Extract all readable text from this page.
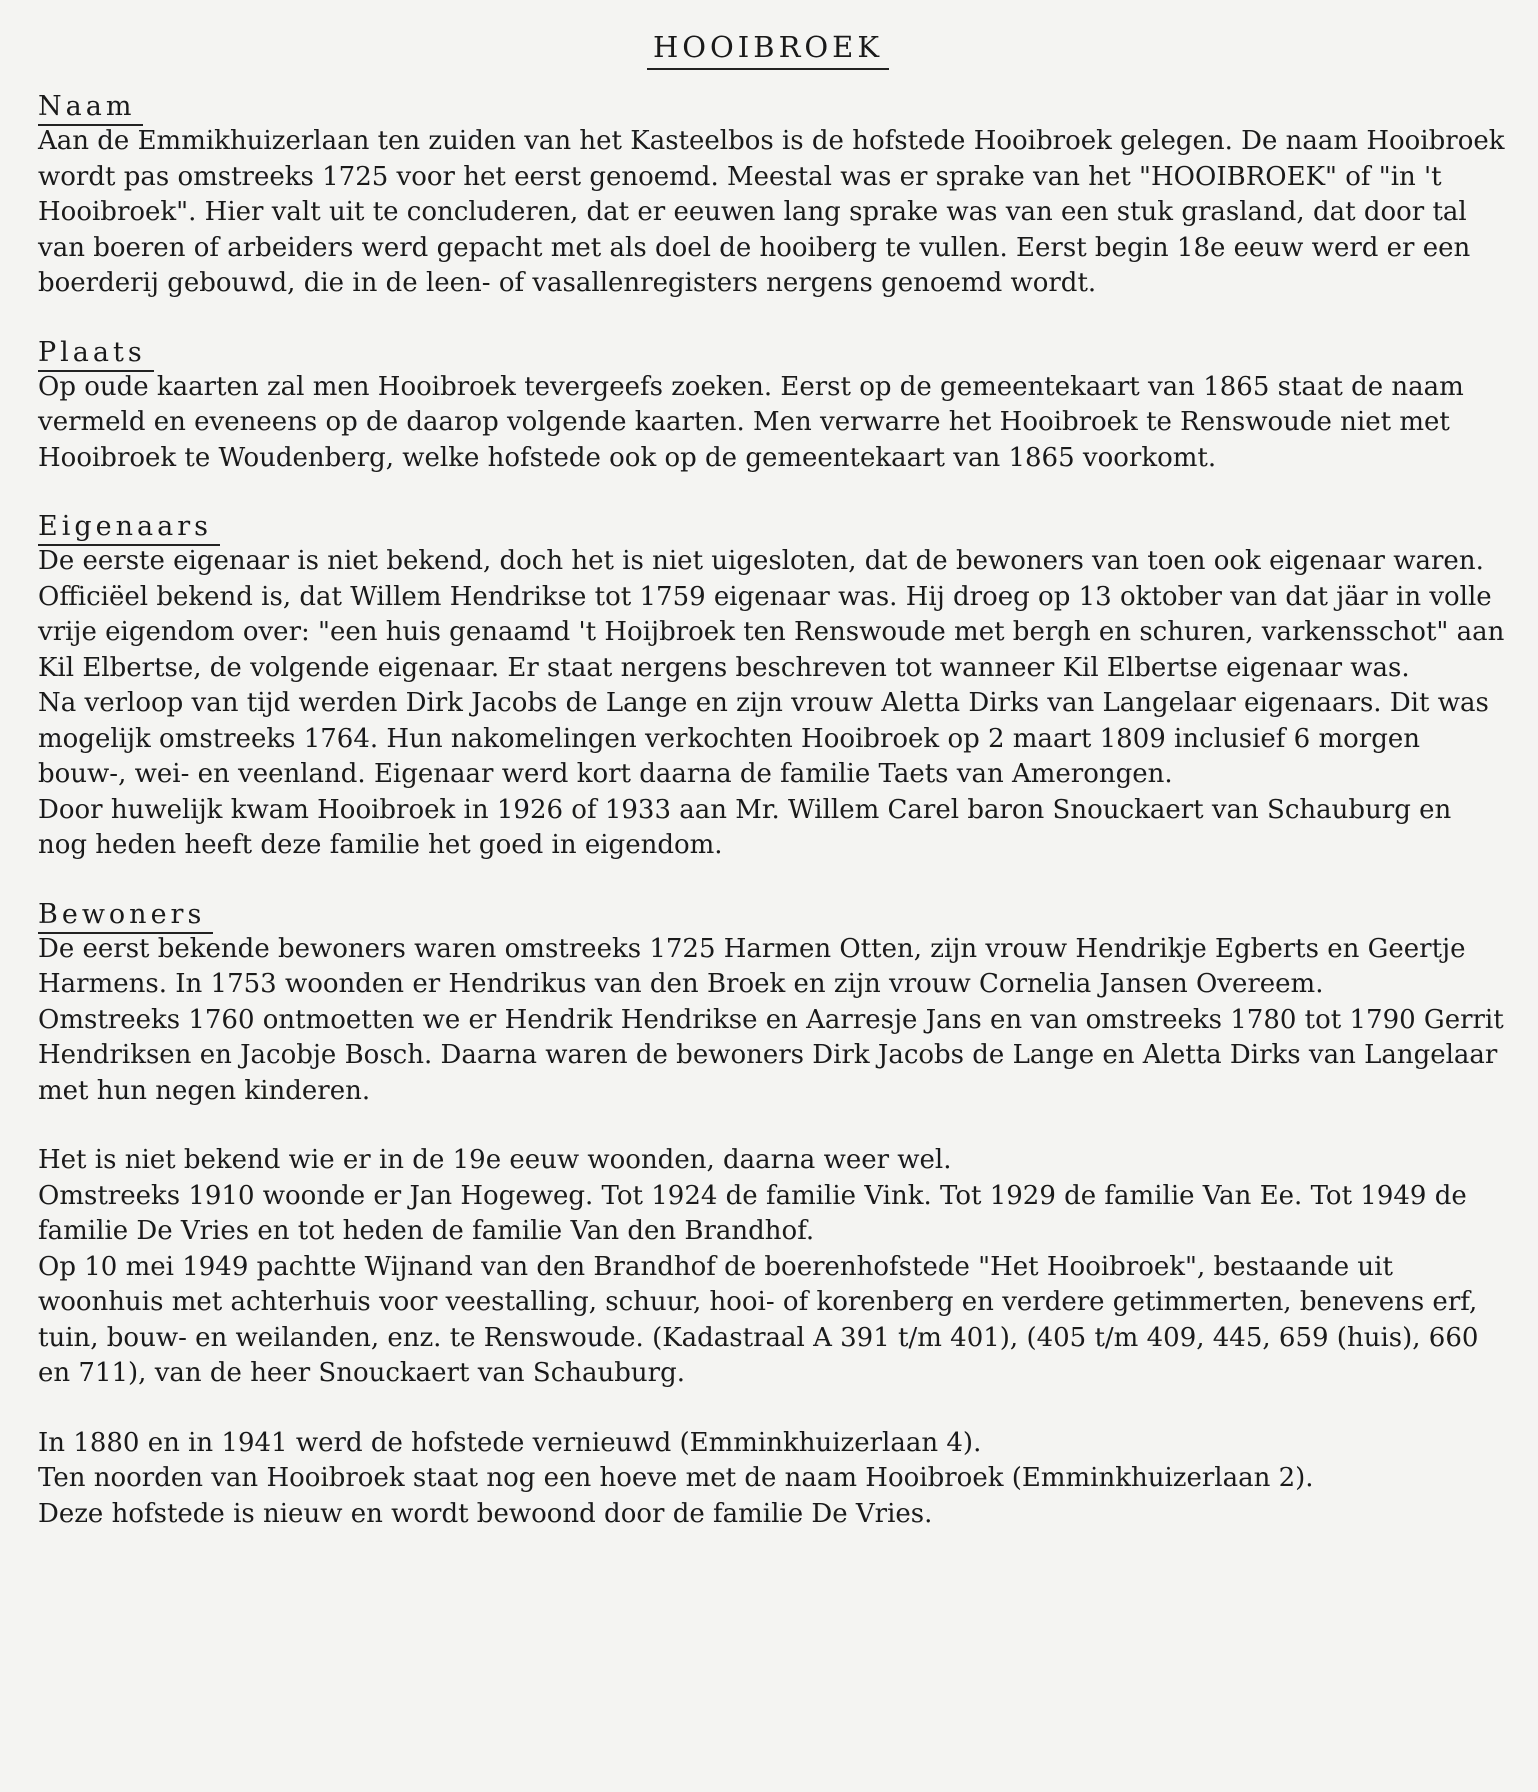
HOOIBROEK
Naam

Aan de Emmikhuizerlaan ten zuiden van het Kasteelbos is de hofstede Hooibroek gelegen. De naam Hooibroek wordt pas omstreeks 1725 voor het eerst genoemd. Meestal was er sprake van het "HOOIBROEK" of "in 't Hooibroek". Hier valt uit te concluderen, dat er eeuwen lang sprake was van een stuk grasland, dat door tal van boeren of arbeiders werd gepacht met als doel de hooiberg te vullen. Eerst begin 18e eeuw werd er een boerderij gebouwd, die in de leen- of vasallenregisters nergens genoemd wordt.

Plaats

Op oude kaarten zal men Hooibroek tevergeefs zoeken. Eerst op de gemeentekaart van 1865 staat de naam vermeld en eveneens op de daarop volgende kaarten. Men verwarre het Hooibroek te Renswoude niet met Hooibroek te Woudenberg, welke hofstede ook op de gemeentekaart van 1865 voorkomt.

Eigenaars

De eerste eigenaar is niet bekend, doch het is niet uigesloten, dat de bewoners van toen ook eigenaar waren. Officiëel bekend is, dat Willem Hendrikse tot 1759 eigenaar was. Hij droeg op 13 oktober van dat jäar in volle vrije eigendom over: "een huis genaamd 't Hoijbroek ten Renswoude met bergh en schuren, varkensschot" aan Kil Elbertse, de volgende eigenaar. Er staat nergens beschreven tot wanneer Kil Elbertse eigenaar was.

Na verloop van tijd werden Dirk Jacobs de Lange en zijn vrouw Aletta Dirks van Langelaar eigenaars. Dit was mogelijk omstreeks 1764. Hun nakomelingen verkochten Hooibroek op 2 maart 1809 inclusief 6 morgen bouw-, wei- en veenland. Eigenaar werd kort daarna de familie Taets van Amerongen.

Door huwelijk kwam Hooibroek in 1926 of 1933 aan Mr. Willem Carel baron Snouckaert van Schauburg en nog heden heeft deze familie het goed in eigendom.

Bewoners

De eerst bekende bewoners waren omstreeks 1725 Harmen Otten, zijn vrouw Hendrikje Egberts en Geertje Harmens. In 1753 woonden er Hendrikus van den Broek en zijn vrouw Cornelia Jansen Overeem.

Omstreeks 1760 ontmoetten we er Hendrik Hendrikse en Aarresje Jans en van omstreeks 1780 tot 1790 Gerrit Hendriksen en Jacobje Bosch. Daarna waren de bewoners Dirk Jacobs de Lange en Aletta Dirks van Langelaar met hun negen kinderen.

Het is niet bekend wie er in de 19e eeuw woonden, daarna weer wel.

Omstreeks 1910 woonde er Jan Hogeweg. Tot 1924 de familie Vink. Tot 1929 de familie Van Ee. Tot 1949 de familie De Vries en tot heden de familie Van den Brandhof.

Op 10 mei 1949 pachtte Wijnand van den Brandhof de boerenhofstede "Het Hooibroek", bestaande uit woonhuis met achterhuis voor veestalling, schuur, hooi- of korenberg en verdere getimmerten, benevens erf, tuin, bouw- en weilanden, enz. te Renswoude. (Kadastraal A 391 t/m 401), (405 t/m 409, 445, 659 (huis), 660 en 711), van de heer Snouckaert van Schauburg.

In 1880 en in 1941 werd de hofstede vernieuwd (Emminkhuizerlaan 4).

Ten noorden van Hooibroek staat nog een hoeve met de naam Hooibroek (Emminkhuizerlaan 2).

Deze hofstede is nieuw en wordt bewoond door de familie De Vries.
